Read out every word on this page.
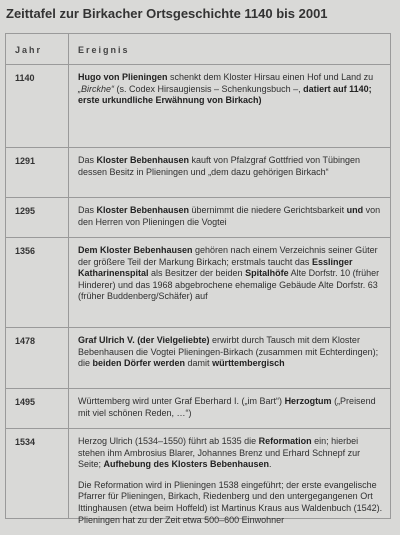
Zeittafel zur Birkacher Ortsgeschichte 1140 bis 2001
Jahr	Ereignis
1140	Hugo von Plieningen schenkt dem Kloster Hirsau einen Hof und Land zu „Birckhe“ (s. Codex Hirsaugiensis – Schenkungsbuch –, datiert auf 1140; erste urkundliche Erwähnung von Birkach)

1291	Das Kloster Bebenhausen kauft von Pfalzgraf Gottfried von Tübingen dessen Besitz in Plieningen und „dem dazu gehörigen Birkach“

1295	Das Kloster Bebenhausen übernimmt die niedere Gerichtsbarkeit und von den Herren von Plieningen die Vogtei

1356	Dem Kloster Bebenhausen gehören nach einem Verzeichnis seiner Güter der größere Teil der Markung Birkach; erstmals taucht das Esslinger Katharinenspital als Besitzer der beiden Spitalhöfe Alte Dorfstr. 10 (früher Hinderer) und das 1968 abgebrochene ehemalige Gebäude Alte Dorfstr. 63 (früher Buddenberg/Schäfer) auf

1478	Graf Ulrich V. (der Vielgeliebte) erwirbt durch Tausch mit dem Kloster Bebenhausen die Vogtei Plieningen-Birkach (zusammen mit Echterdingen); die beiden Dörfer werden damit württembergisch

1495	Württemberg wird unter Graf Eberhard I. („im Bart“) Herzogtum („Preisend mit viel schönen Reden, …“)

1534	Herzog Ulrich (1534–1550) führt ab 1535 die Reformation ein; hierbei stehen ihm Ambrosius Blarer, Johannes Brenz und Erhard Schnepf zur Seite; Aufhebung des Klosters Bebenhausen.

Die Reformation wird in Plieningen 1538 eingeführt; der erste evangelische Pfarrer für Plieningen, Birkach, Riedenberg und den untergegangenen Ort Ittinghausen (etwa beim Hoffeld) ist Martinus Kraus aus Waldenbuch (1542). Plieningen hat zu der Zeit etwa 500–600 Einwohner
